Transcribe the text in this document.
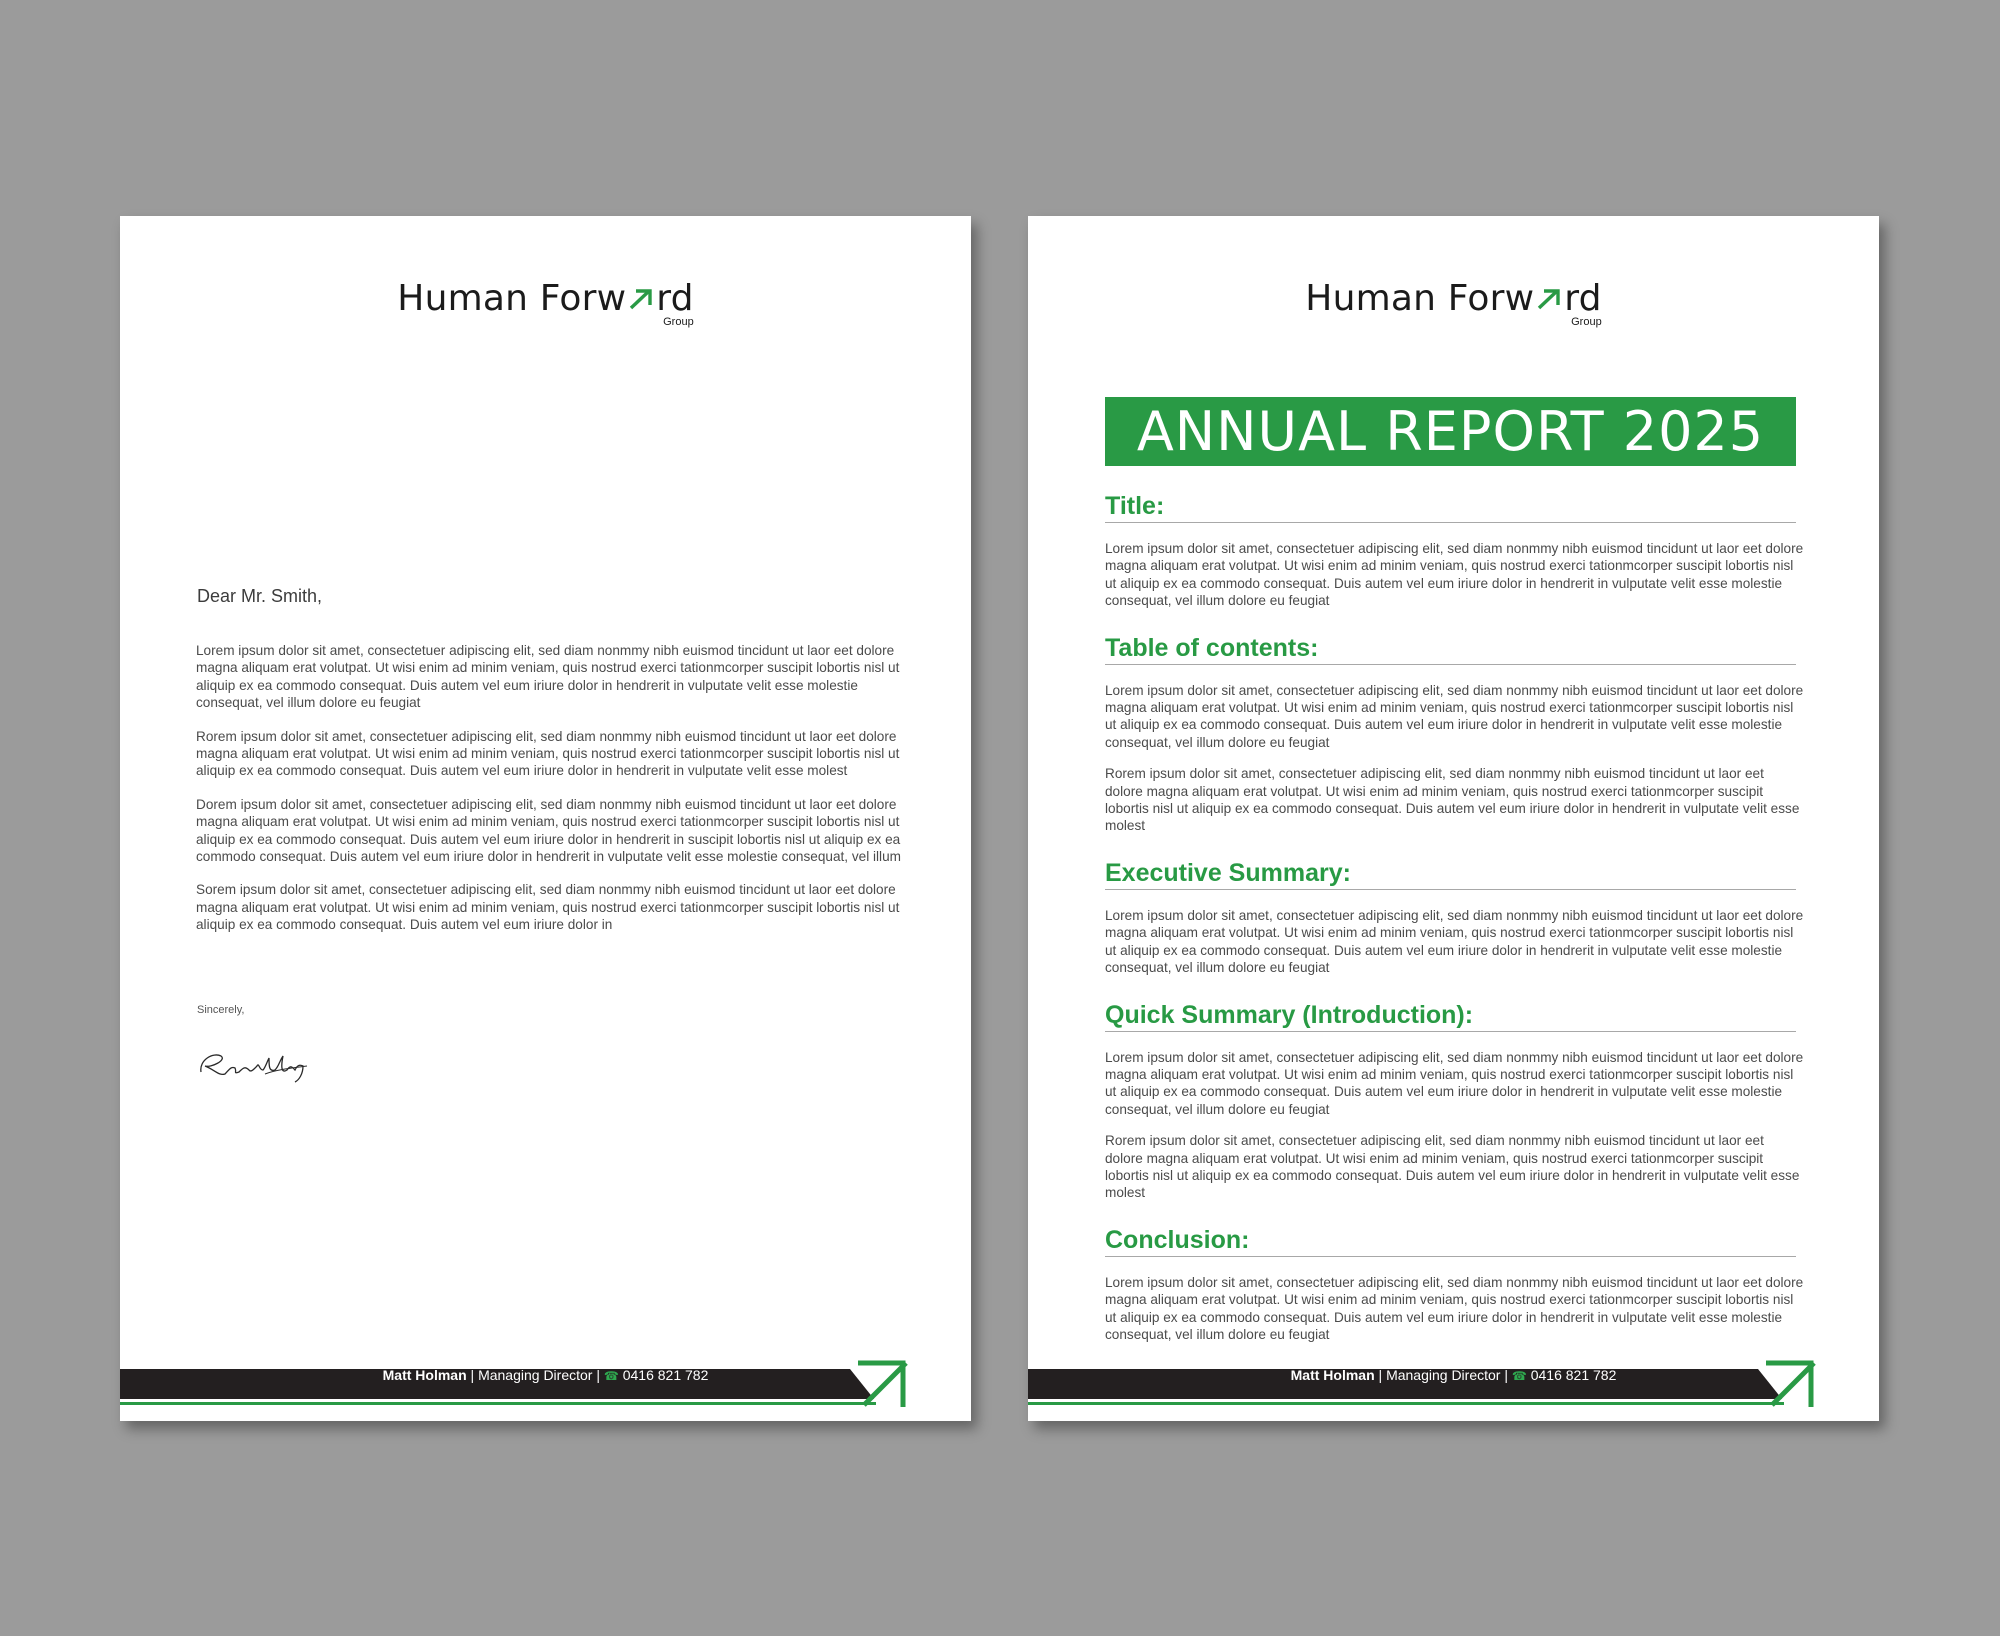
Human Forw rd
Group
Dear Mr. Smith,

Lorem ipsum dolor sit amet, consectetuer adipiscing elit, sed diam nonmmy nibh euismod tincidunt ut laor eet dolore magna aliquam erat volutpat. Ut wisi enim ad minim veniam, quis nostrud exerci tationmcorper suscipit lobortis nisl ut aliquip ex ea commodo consequat. Duis autem vel eum iriure dolor in hendrerit in vulputate velit esse molestie consequat, vel illum dolore eu feugiat

Rorem ipsum dolor sit amet, consectetuer adipiscing elit, sed diam nonmmy nibh euismod tincidunt ut laor eet dolore magna aliquam erat volutpat. Ut wisi enim ad minim veniam, quis nostrud exerci tationmcorper suscipit lobortis nisl ut aliquip ex ea commodo consequat. Duis autem vel eum iriure dolor in hendrerit in vulputate velit esse molest

Dorem ipsum dolor sit amet, consectetuer adipiscing elit, sed diam nonmmy nibh euismod tincidunt ut laor eet dolore magna aliquam erat volutpat. Ut wisi enim ad minim veniam, quis nostrud exerci tationmcorper suscipit lobortis nisl ut aliquip ex ea commodo consequat. Duis autem vel eum iriure dolor in hendrerit in suscipit lobortis nisl ut aliquip ex ea commodo consequat. Duis autem vel eum iriure dolor in hendrerit in vulputate velit esse molestie consequat, vel illum

Sorem ipsum dolor sit amet, consectetuer adipiscing elit, sed diam nonmmy nibh euismod tincidunt ut laor eet dolore magna aliquam erat volutpat. Ut wisi enim ad minim veniam, quis nostrud exerci tationmcorper suscipit lobortis nisl ut aliquip ex ea commodo consequat. Duis autem vel eum iriure dolor in

Sincerely,
Matt Holman | Managing Director | ☎ 0416 821 782
Human Forw rd
Group
ANNUAL REPORT 2025
Title:

Lorem ipsum dolor sit amet, consectetuer adipiscing elit, sed diam nonmmy nibh euismod tincidunt ut laor eet dolore magna aliquam erat volutpat. Ut wisi enim ad minim veniam, quis nostrud exerci tationmcorper suscipit lobortis nisl ut aliquip ex ea commodo consequat. Duis autem vel eum iriure dolor in hendrerit in vulputate velit esse molestie consequat, vel illum dolore eu feugiat

Table of contents:

Lorem ipsum dolor sit amet, consectetuer adipiscing elit, sed diam nonmmy nibh euismod tincidunt ut laor eet dolore magna aliquam erat volutpat. Ut wisi enim ad minim veniam, quis nostrud exerci tationmcorper suscipit lobortis nisl ut aliquip ex ea commodo consequat. Duis autem vel eum iriure dolor in hendrerit in vulputate velit esse molestie consequat, vel illum dolore eu feugiat

Rorem ipsum dolor sit amet, consectetuer adipiscing elit, sed diam nonmmy nibh euismod tincidunt ut laor eet dolore magna aliquam erat volutpat. Ut wisi enim ad minim veniam, quis nostrud exerci tationmcorper suscipit lobortis nisl ut aliquip ex ea commodo consequat. Duis autem vel eum iriure dolor in hendrerit in vulputate velit esse molest

Executive Summary:

Lorem ipsum dolor sit amet, consectetuer adipiscing elit, sed diam nonmmy nibh euismod tincidunt ut laor eet dolore magna aliquam erat volutpat. Ut wisi enim ad minim veniam, quis nostrud exerci tationmcorper suscipit lobortis nisl ut aliquip ex ea commodo consequat. Duis autem vel eum iriure dolor in hendrerit in vulputate velit esse molestie consequat, vel illum dolore eu feugiat

Quick Summary (Introduction):

Lorem ipsum dolor sit amet, consectetuer adipiscing elit, sed diam nonmmy nibh euismod tincidunt ut laor eet dolore magna aliquam erat volutpat. Ut wisi enim ad minim veniam, quis nostrud exerci tationmcorper suscipit lobortis nisl ut aliquip ex ea commodo consequat. Duis autem vel eum iriure dolor in hendrerit in vulputate velit esse molestie consequat, vel illum dolore eu feugiat

Rorem ipsum dolor sit amet, consectetuer adipiscing elit, sed diam nonmmy nibh euismod tincidunt ut laor eet dolore magna aliquam erat volutpat. Ut wisi enim ad minim veniam, quis nostrud exerci tationmcorper suscipit lobortis nisl ut aliquip ex ea commodo consequat. Duis autem vel eum iriure dolor in hendrerit in vulputate velit esse molest

Conclusion:

Lorem ipsum dolor sit amet, consectetuer adipiscing elit, sed diam nonmmy nibh euismod tincidunt ut laor eet dolore magna aliquam erat volutpat. Ut wisi enim ad minim veniam, quis nostrud exerci tationmcorper suscipit lobortis nisl ut aliquip ex ea commodo consequat. Duis autem vel eum iriure dolor in hendrerit in vulputate velit esse molestie consequat, vel illum dolore eu feugiat

Matt Holman | Managing Director | ☎ 0416 821 782
